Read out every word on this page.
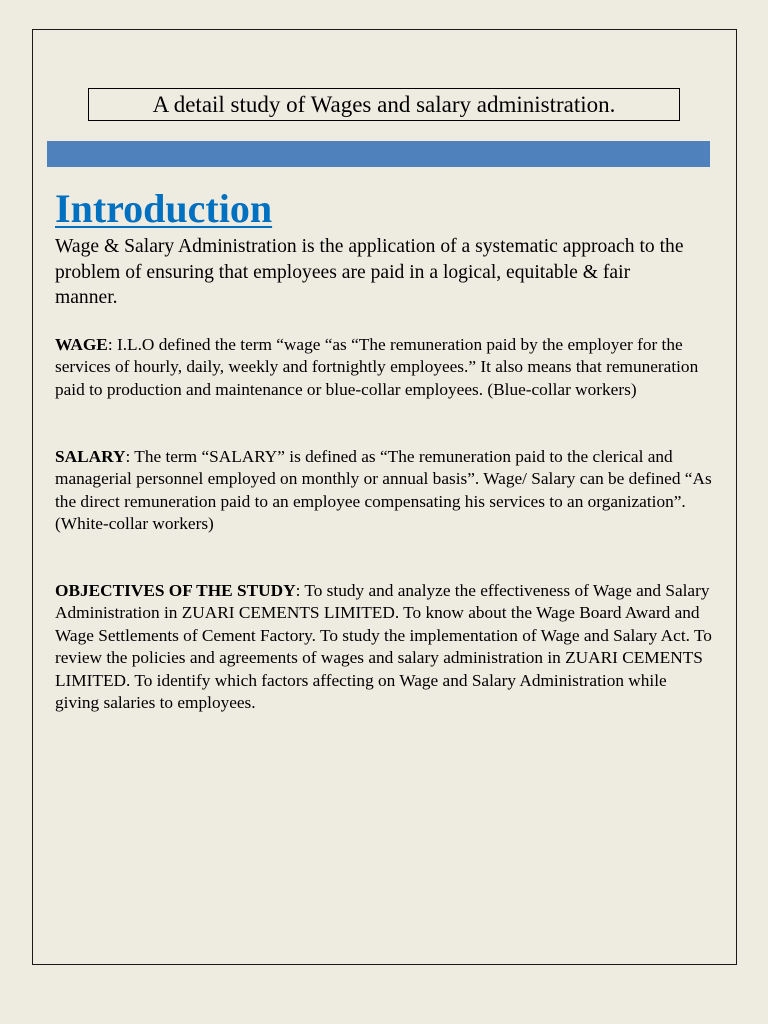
A detail study of Wages and salary administration.
Introduction

Wage & Salary Administration is the application of a systematic approach to the problem of ensuring that employees are paid in a logical, equitable & fair manner.

WAGE: I.L.O defined the term “wage “as “The remuneration paid by the employer for the services of hourly, daily, weekly and fortnightly employees.” It also means that remuneration paid to production and maintenance or blue-collar employees. (Blue-collar workers)

SALARY: The term “SALARY” is defined as “The remuneration paid to the clerical and managerial personnel employed on monthly or annual basis”. Wage/ Salary can be defined “As the direct remuneration paid to an employee compensating his services to an organization”. (White-collar workers)

OBJECTIVES OF THE STUDY: To study and analyze the effectiveness of Wage and Salary Administration in ZUARI CEMENTS LIMITED. To know about the Wage Board Award and Wage Settlements of Cement Factory. To study the implementation of Wage and Salary Act. To review the policies and agreements of wages and salary administration in ZUARI CEMENTS LIMITED. To identify which factors affecting on Wage and Salary Administration while giving salaries to employees.
